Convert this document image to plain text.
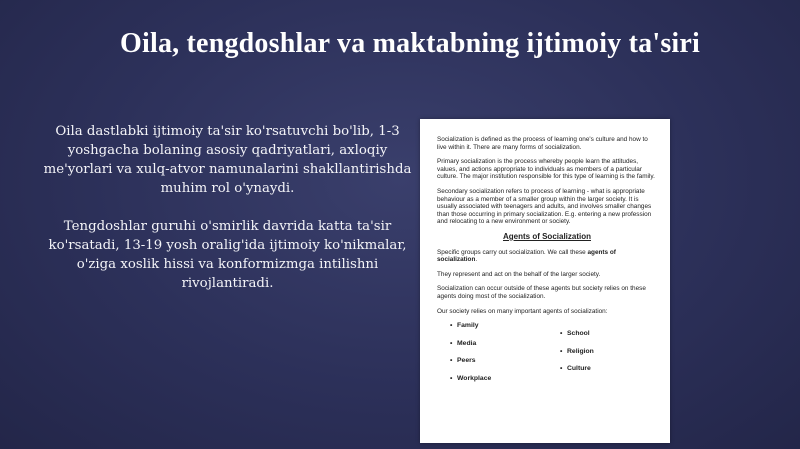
Oila, tengdoshlar va maktabning ijtimoiy ta'siri

Oila dastlabki ijtimoiy ta'sir ko'rsatuvchi bo'lib, 1-3 yoshgacha bolaning asosiy qadriyatlari, axloqiy me'yorlari va xulq-atvor namunalarini shakllantirishda muhim rol o'ynaydi.

Tengdoshlar guruhi o'smirlik davrida katta ta'sir ko'rsatadi, 13-19 yosh oralig'ida ijtimoiy ko'nikmalar, o'ziga xoslik hissi va konformizmga intilishni rivojlantiradi.

Socialization is defined as the process of learning one's culture and how to live within it. There are many forms of socialization.

Primary socialization is the process whereby people learn the attitudes, values, and actions appropriate to individuals as members of a particular culture. The major institution responsible for this type of learning is the family.

Secondary socialization refers to process of learning - what is appropriate behaviour as a member of a smaller group within the larger society. It is usually associated with teenagers and adults, and involves smaller changes than those occurring in primary socialization. E.g. entering a new profession and relocating to a new environment or society.

Agents of Socialization

Specific groups carry out socialization. We call these agents of socialization.

They represent and act on the behalf of the larger society.

Socialization can occur outside of these agents but society relies on these agents doing most of the socialization.

Our society relies on many important agents of socialization:

• Family
• Media
• Peers
• Workplace
• School
• Religion
• Culture
